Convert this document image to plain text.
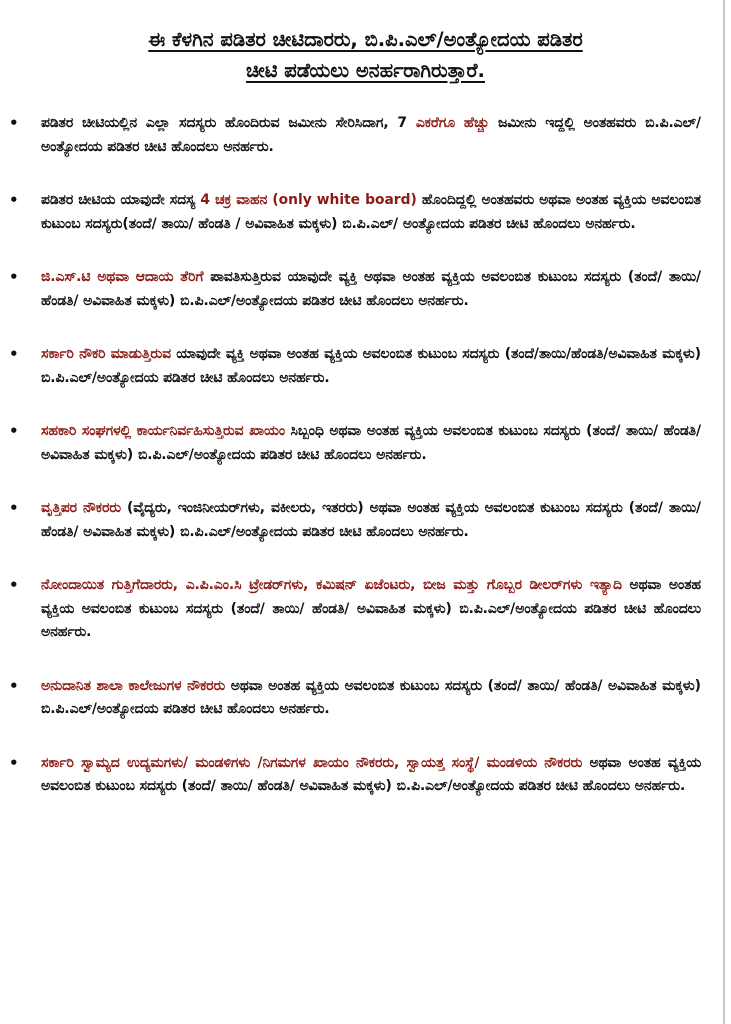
ಈ ಕೆಳಗಿನ ಪಡಿತರ ಚೀಟಿದಾರರು, ಬಿ.ಪಿ.ಎಲ್/ಅಂತ್ಯೋದಯ ಪಡಿತರ
ಚೀಟಿ ಪಡೆಯಲು ಅನರ್ಹರಾಗಿರುತ್ತಾರೆ.
• ಪಡಿತರ ಚೀಟಿಯಲ್ಲಿನ ಎಲ್ಲಾ ಸದಸ್ಯರು ಹೊಂದಿರುವ ಜಮೀನು ಸೇರಿಸಿದಾಗ, 7 ಎಕರೆಗೂ ಹೆಚ್ಚು ಜಮೀನು ಇದ್ದಲ್ಲಿ ಅಂತಹವರು ಬಿ.ಪಿ.ಎಲ್/ಅಂತ್ಯೋದಯ ಪಡಿತರ ಚೀಟಿ ಹೊಂದಲು ಅನರ್ಹರು.
• ಪಡಿತರ ಚೀಟಿಯ ಯಾವುದೇ ಸದಸ್ಯ 4 ಚಕ್ರ ವಾಹನ (only white board) ಹೊಂದಿದ್ದಲ್ಲಿ ಅಂತಹವರು ಅಥವಾ ಅಂತಹ ವ್ಯಕ್ತಿಯ ಅವಲಂಬಿತ ಕುಟುಂಬ ಸದಸ್ಯರು(ತಂದೆ/ ತಾಯಿ/ ಹೆಂಡತಿ / ಅವಿವಾಹಿತ ಮಕ್ಕಳು) ಬಿ.ಪಿ.ಎಲ್/ ಅಂತ್ಯೋದಯ ಪಡಿತರ ಚೀಟಿ ಹೊಂದಲು ಅನರ್ಹರು.
• ಜಿ.ಎಸ್.ಟಿ ಅಥವಾ ಆದಾಯ ತೆರಿಗೆ ಪಾವತಿಸುತ್ತಿರುವ ಯಾವುದೇ ವ್ಯಕ್ತಿ ಅಥವಾ ಅಂತಹ ವ್ಯಕ್ತಿಯ ಅವಲಂಬಿತ ಕುಟುಂಬ ಸದಸ್ಯರು (ತಂದೆ/ ತಾಯಿ/ ಹೆಂಡತಿ/ ಅವಿವಾಹಿತ ಮಕ್ಕಳು) ಬಿ.ಪಿ.ಎಲ್/ಅಂತ್ಯೋದಯ ಪಡಿತರ ಚೀಟಿ ಹೊಂದಲು ಅನರ್ಹರು.
• ಸರ್ಕಾರಿ ನೌಕರಿ ಮಾಡುತ್ತಿರುವ ಯಾವುದೇ ವ್ಯಕ್ತಿ ಅಥವಾ ಅಂತಹ ವ್ಯಕ್ತಿಯ ಅವಲಂಬಿತ ಕುಟುಂಬ ಸದಸ್ಯರು (ತಂದೆ/ತಾಯಿ/ಹೆಂಡತಿ/ಅವಿವಾಹಿತ ಮಕ್ಕಳು) ಬಿ.ಪಿ.ಎಲ್/ಅಂತ್ಯೋದಯ ಪಡಿತರ ಚೀಟಿ ಹೊಂದಲು ಅನರ್ಹರು.
• ಸಹಕಾರಿ ಸಂಘಗಳಲ್ಲಿ ಕಾರ್ಯನಿರ್ವಹಿಸುತ್ತಿರುವ ಖಾಯಂ ಸಿಬ್ಬಂಧಿ ಅಥವಾ ಅಂತಹ ವ್ಯಕ್ತಿಯ ಅವಲಂಬಿತ ಕುಟುಂಬ ಸದಸ್ಯರು (ತಂದೆ/ ತಾಯಿ/ ಹೆಂಡತಿ/ ಅವಿವಾಹಿತ ಮಕ್ಕಳು) ಬಿ.ಪಿ.ಎಲ್/ಅಂತ್ಯೋದಯ ಪಡಿತರ ಚೀಟಿ ಹೊಂದಲು ಅನರ್ಹರು.
• ವೃತ್ತಿಪರ ನೌಕರರು (ವೈದ್ಯರು, ಇಂಜಿನೀಯರ್‌ಗಳು, ವಕೀಲರು, ಇತರರು) ಅಥವಾ ಅಂತಹ ವ್ಯಕ್ತಿಯ ಅವಲಂಬಿತ ಕುಟುಂಬ ಸದಸ್ಯರು (ತಂದೆ/ ತಾಯಿ/ ಹೆಂಡತಿ/ ಅವಿವಾಹಿತ ಮಕ್ಕಳು) ಬಿ.ಪಿ.ಎಲ್/ಅಂತ್ಯೋದಯ ಪಡಿತರ ಚೀಟಿ ಹೊಂದಲು ಅನರ್ಹರು.
• ನೋಂದಾಯಿತ ಗುತ್ತಿಗೆದಾರರು, ಎ.ಪಿ.ಎಂ.ಸಿ ಟ್ರೇಡರ್‌ಗಳು, ಕಮಿಷನ್ ಏಜೆಂಟರು, ಬೀಜ ಮತ್ತು ಗೊಬ್ಬರ ಡೀಲರ್‌ಗಳು ಇತ್ಯಾದಿ ಅಥವಾ ಅಂತಹ ವ್ಯಕ್ತಿಯ ಅವಲಂಬಿತ ಕುಟುಂಬ ಸದಸ್ಯರು (ತಂದೆ/ ತಾಯಿ/ ಹೆಂಡತಿ/ ಅವಿವಾಹಿತ ಮಕ್ಕಳು) ಬಿ.ಪಿ.ಎಲ್/ಅಂತ್ಯೋದಯ ಪಡಿತರ ಚೀಟಿ ಹೊಂದಲು ಅನರ್ಹರು.
• ಅನುದಾನಿತ ಶಾಲಾ ಕಾಲೇಜುಗಳ ನೌಕರರು ಅಥವಾ ಅಂತಹ ವ್ಯಕ್ತಿಯ ಅವಲಂಬಿತ ಕುಟುಂಬ ಸದಸ್ಯರು (ತಂದೆ/ ತಾಯಿ/ ಹೆಂಡತಿ/ ಅವಿವಾಹಿತ ಮಕ್ಕಳು) ಬಿ.ಪಿ.ಎಲ್/ಅಂತ್ಯೋದಯ ಪಡಿತರ ಚೀಟಿ ಹೊಂದಲು ಅನರ್ಹರು.
• ಸರ್ಕಾರಿ ಸ್ವಾಮ್ಯದ ಉದ್ಯಮಗಳು/ ಮಂಡಳಿಗಳು /ನಿಗಮಗಳ ಖಾಯಂ ನೌಕರರು, ಸ್ವಾಯತ್ತ ಸಂಸ್ಥೆ/ ಮಂಡಳಿಯ ನೌಕರರು ಅಥವಾ ಅಂತಹ ವ್ಯಕ್ತಿಯ ಅವಲಂಬಿತ ಕುಟುಂಬ ಸದಸ್ಯರು (ತಂದೆ/ ತಾಯಿ/ ಹೆಂಡತಿ/ ಅವಿವಾಹಿತ ಮಕ್ಕಳು) ಬಿ.ಪಿ.ಎಲ್/ಅಂತ್ಯೋದಯ ಪಡಿತರ ಚೀಟಿ ಹೊಂದಲು ಅನರ್ಹರು.
